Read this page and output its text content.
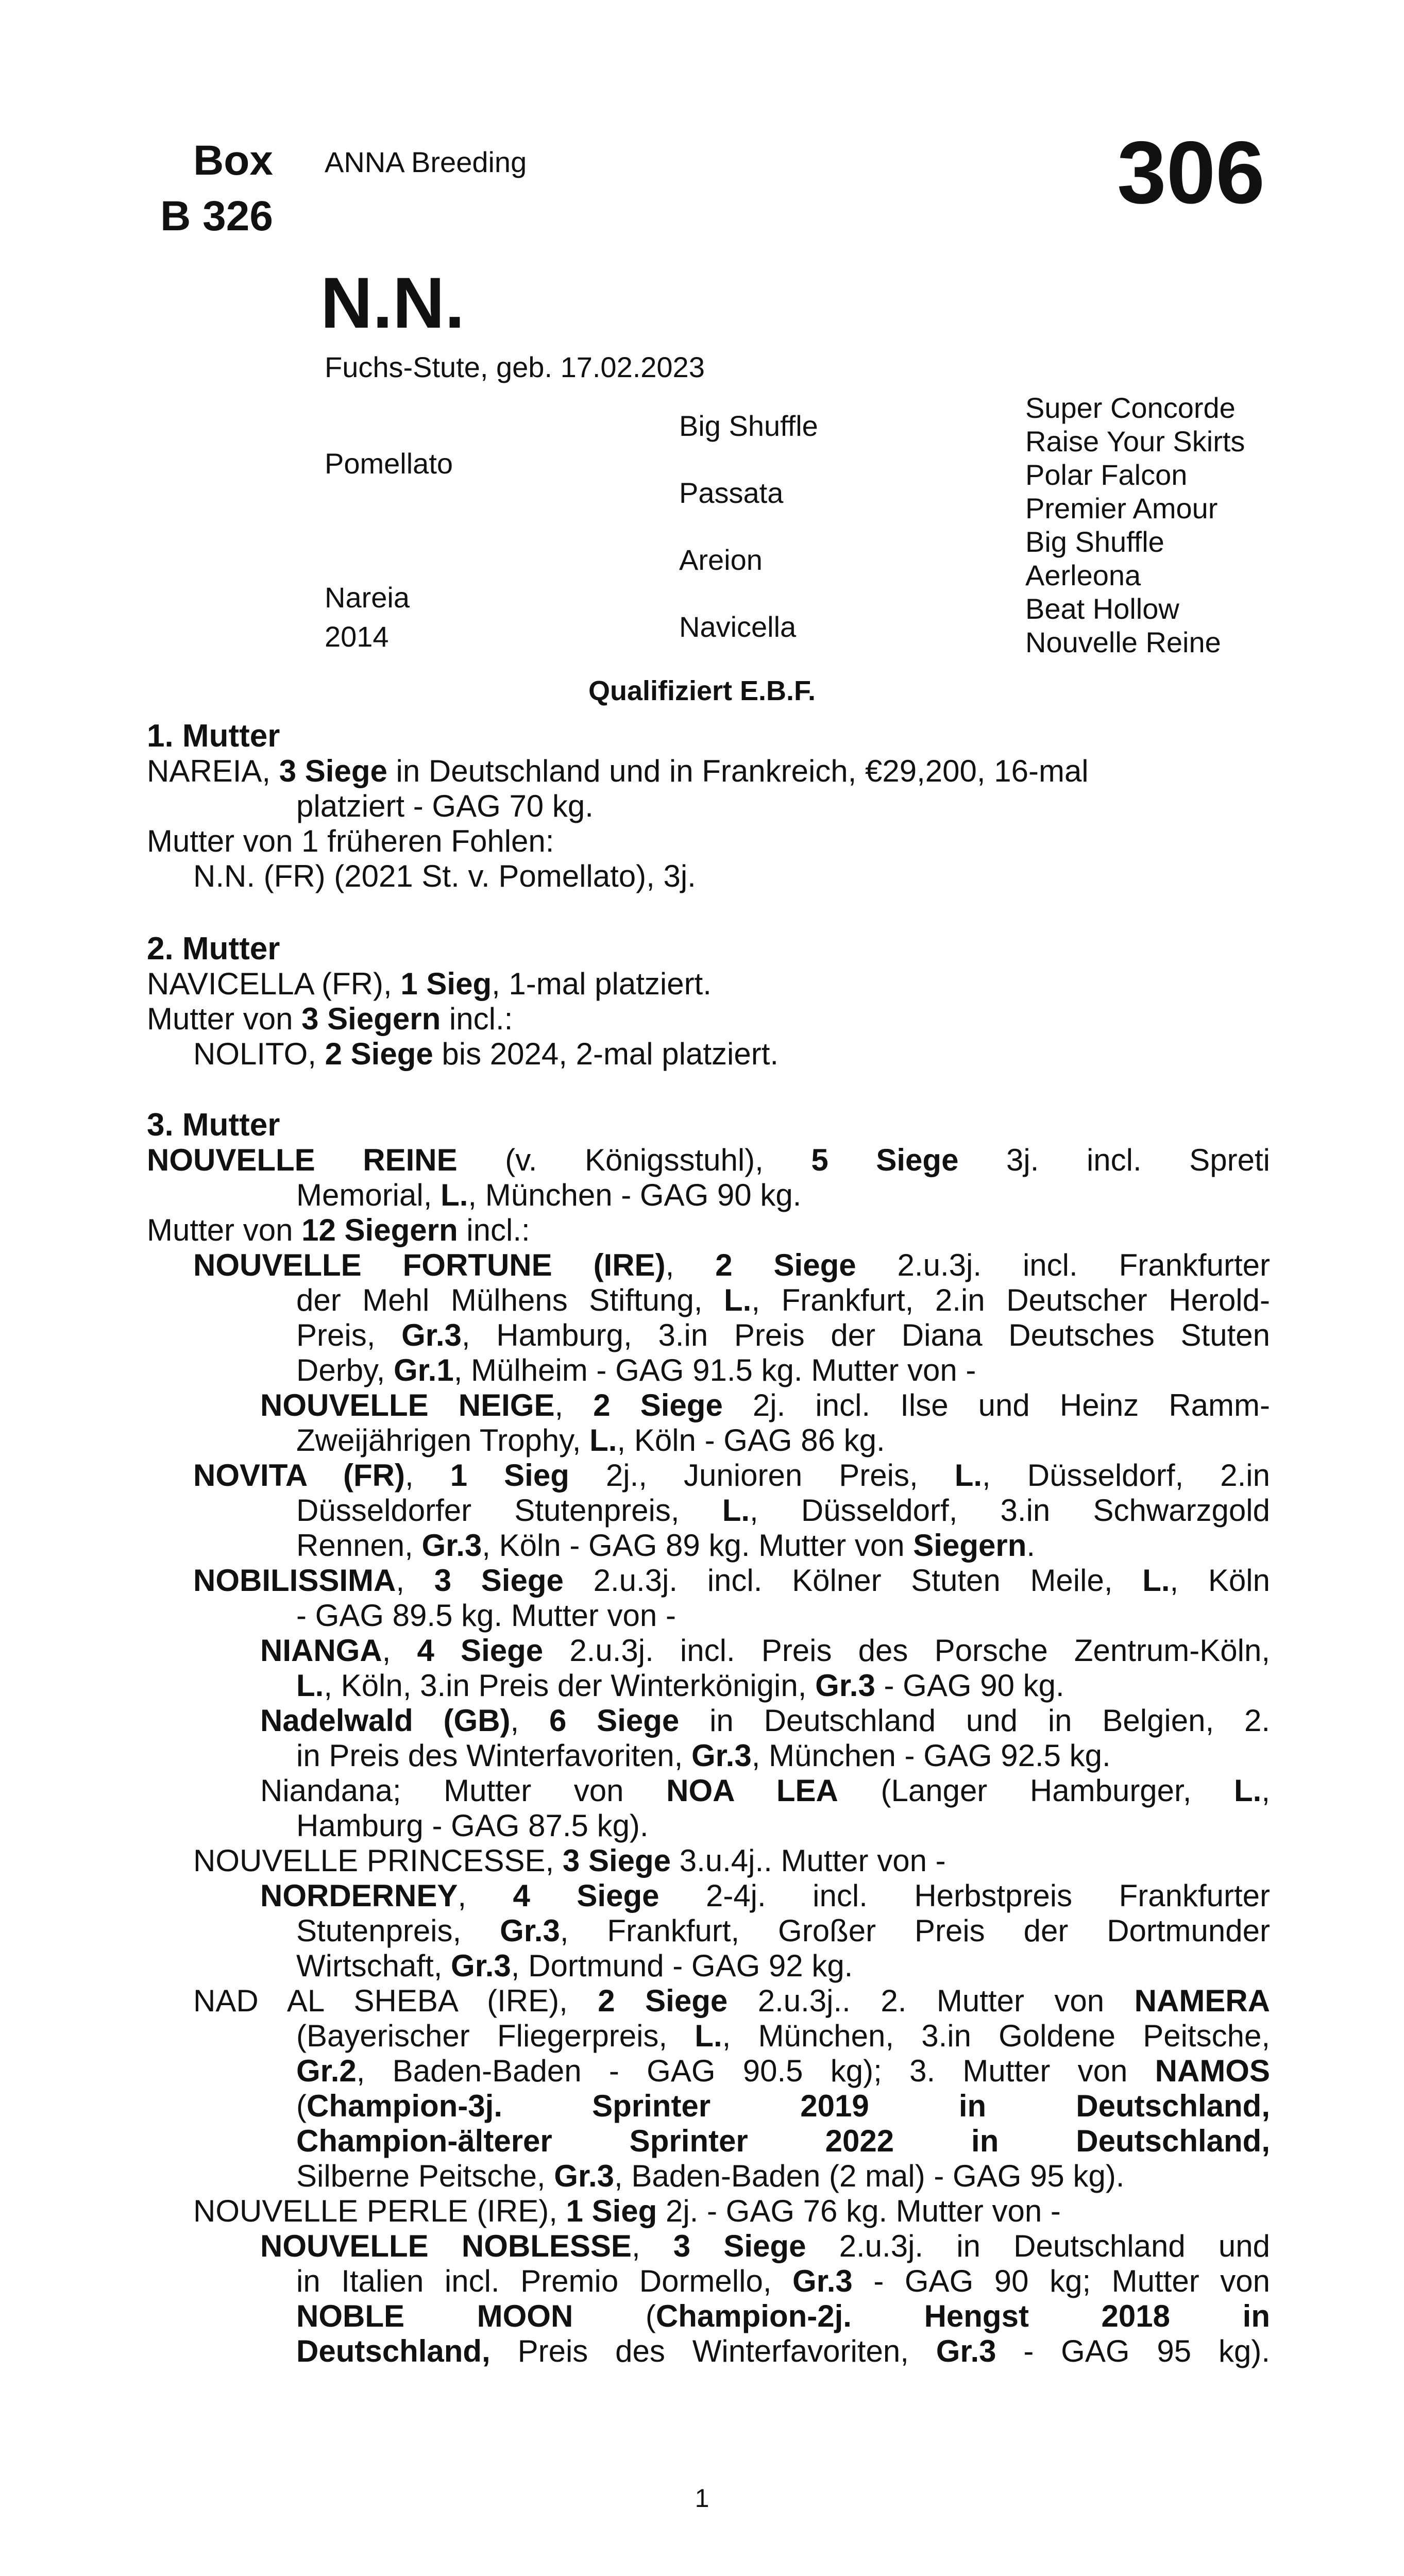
Box
B 326
ANNA Breeding	306
N.N.
Fuchs-Stute, geb. 17.02.2023
Pomellato
Nareia
2014
Big Shuffle
Passata
Areion
Navicella
Super Concorde
Raise Your Skirts
Polar Falcon
Premier Amour
Big Shuffle
Aerleona
Beat Hollow
Nouvelle Reine
Qualifiziert E.B.F.
1. Mutter
NAREIA, 3 Siege in Deutschland und in Frankreich, €29,200, 16-mal
platziert - GAG 70 kg.
Mutter von 1 früheren Fohlen:
N.N. (FR) (2021 St. v. Pomellato), 3j.
2. Mutter
NAVICELLA (FR), 1 Sieg, 1-mal platziert.
Mutter von 3 Siegern incl.:
NOLITO, 2 Siege bis 2024, 2-mal platziert.
3. Mutter
NOUVELLE REINE (v. Königsstuhl), 5 Siege 3j. incl. Spreti
Memorial, L., München - GAG 90 kg.
Mutter von 12 Siegern incl.:
NOUVELLE FORTUNE (IRE), 2 Siege 2.u.3j. incl. Frankfurter
der Mehl Mülhens Stiftung, L., Frankfurt, 2.in Deutscher Herold-
Preis, Gr.3, Hamburg, 3.in Preis der Diana Deutsches Stuten
Derby, Gr.1, Mülheim - GAG 91.5 kg. Mutter von -
NOUVELLE NEIGE, 2 Siege 2j. incl. Ilse und Heinz Ramm-
Zweijährigen Trophy, L., Köln - GAG 86 kg.
NOVITA (FR), 1 Sieg 2j., Junioren Preis, L., Düsseldorf, 2.in
Düsseldorfer Stutenpreis, L., Düsseldorf, 3.in Schwarzgold
Rennen, Gr.3, Köln - GAG 89 kg. Mutter von Siegern.
NOBILISSIMA, 3 Siege 2.u.3j. incl. Kölner Stuten Meile, L., Köln
- GAG 89.5 kg. Mutter von -
NIANGA, 4 Siege 2.u.3j. incl. Preis des Porsche Zentrum-Köln,
L., Köln, 3.in Preis der Winterkönigin, Gr.3 - GAG 90 kg.
Nadelwald (GB), 6 Siege in Deutschland und in Belgien, 2.
in Preis des Winterfavoriten, Gr.3, München - GAG 92.5 kg.
Niandana; Mutter von NOA LEA (Langer Hamburger, L.,
Hamburg - GAG 87.5 kg).
NOUVELLE PRINCESSE, 3 Siege 3.u.4j.. Mutter von -
NORDERNEY, 4 Siege 2-4j. incl. Herbstpreis Frankfurter
Stutenpreis, Gr.3, Frankfurt, Großer Preis der Dortmunder
Wirtschaft, Gr.3, Dortmund - GAG 92 kg.
NAD AL SHEBA (IRE), 2 Siege 2.u.3j.. 2. Mutter von NAMERA
(Bayerischer Fliegerpreis, L., München, 3.in Goldene Peitsche,
Gr.2, Baden-Baden - GAG 90.5 kg); 3. Mutter von NAMOS
(Champion-3j. Sprinter 2019 in Deutschland,
Champion-älterer Sprinter 2022 in Deutschland,
Silberne Peitsche, Gr.3, Baden-Baden (2 mal) - GAG 95 kg).
NOUVELLE PERLE (IRE), 1 Sieg 2j. - GAG 76 kg. Mutter von -
NOUVELLE NOBLESSE, 3 Siege 2.u.3j. in Deutschland und
in Italien incl. Premio Dormello, Gr.3 - GAG 90 kg; Mutter von
NOBLE MOON (Champion-2j. Hengst 2018 in
Deutschland, Preis des Winterfavoriten, Gr.3 - GAG 95 kg).
1
